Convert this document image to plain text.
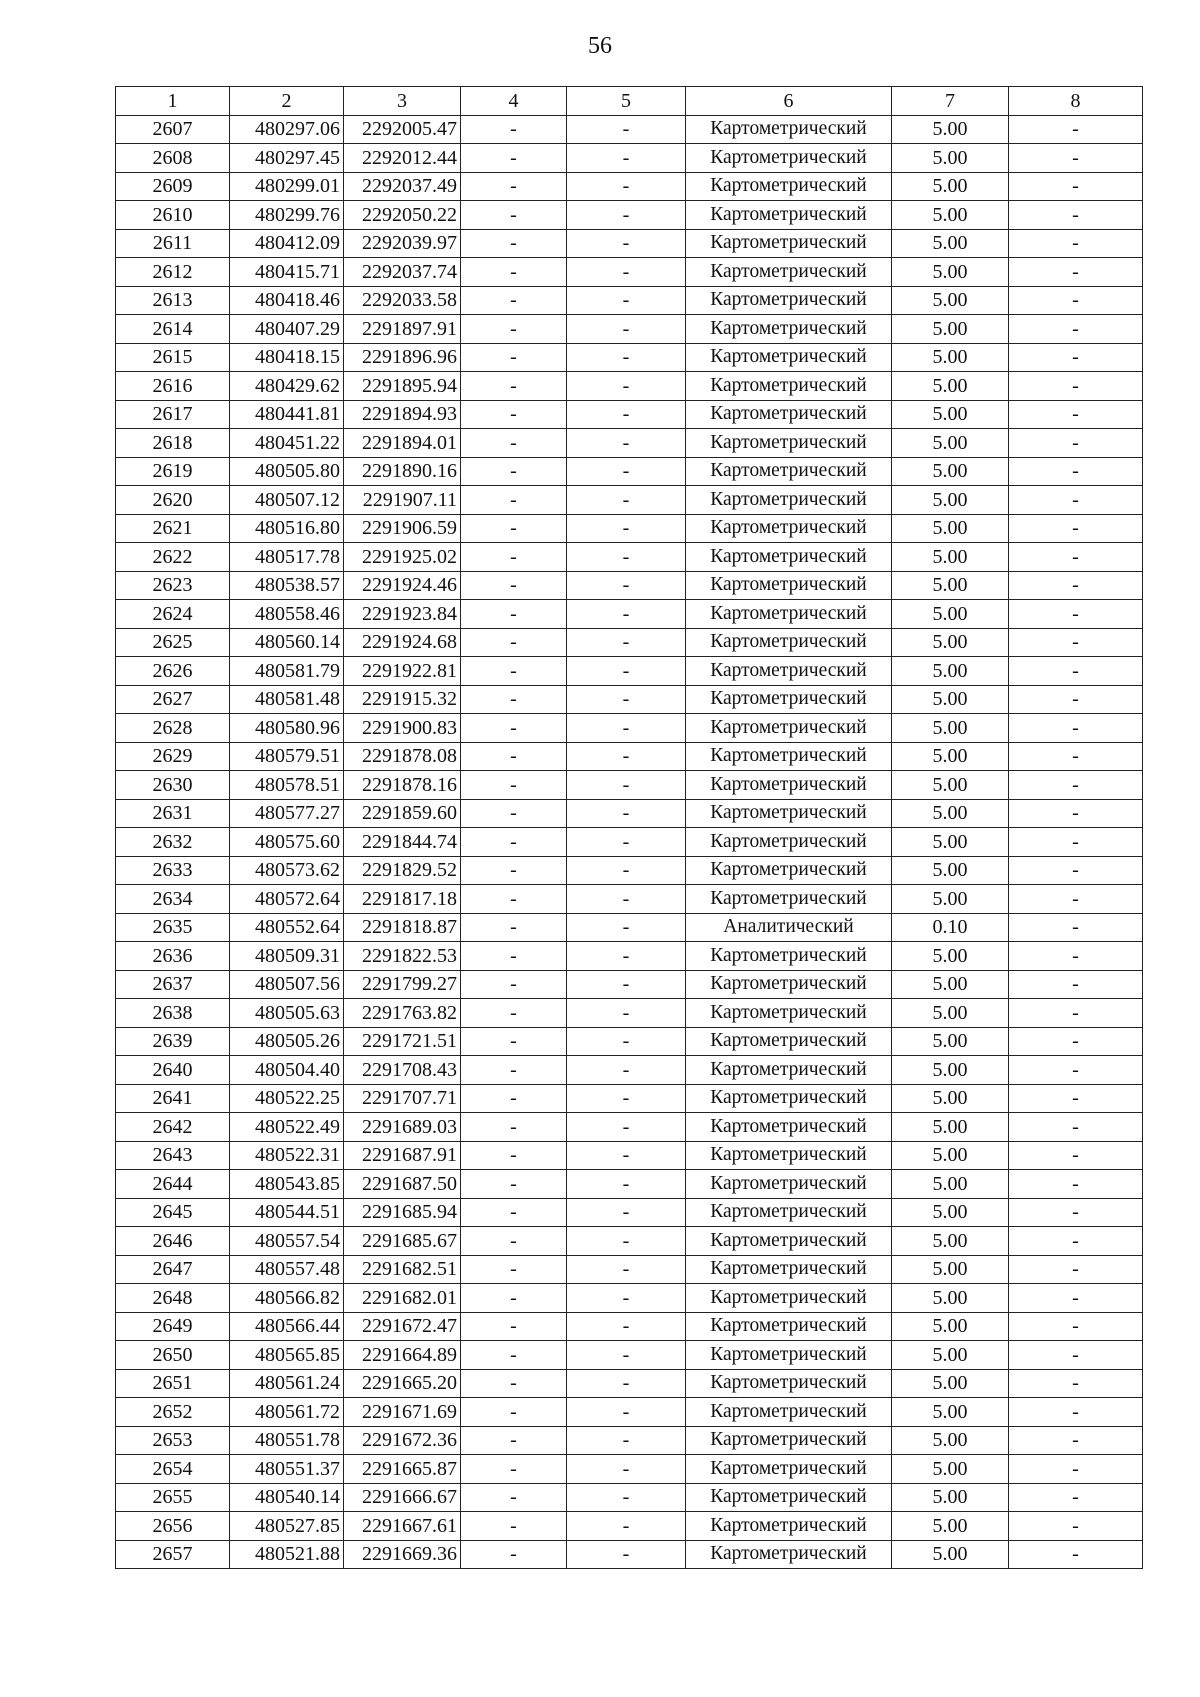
56
1	2	3	4	5	6	7	8
2607	480297.06	2292005.47	-	-	Картометрический	5.00	-
2608	480297.45	2292012.44	-	-	Картометрический	5.00	-
2609	480299.01	2292037.49	-	-	Картометрический	5.00	-
2610	480299.76	2292050.22	-	-	Картометрический	5.00	-
2611	480412.09	2292039.97	-	-	Картометрический	5.00	-
2612	480415.71	2292037.74	-	-	Картометрический	5.00	-
2613	480418.46	2292033.58	-	-	Картометрический	5.00	-
2614	480407.29	2291897.91	-	-	Картометрический	5.00	-
2615	480418.15	2291896.96	-	-	Картометрический	5.00	-
2616	480429.62	2291895.94	-	-	Картометрический	5.00	-
2617	480441.81	2291894.93	-	-	Картометрический	5.00	-
2618	480451.22	2291894.01	-	-	Картометрический	5.00	-
2619	480505.80	2291890.16	-	-	Картометрический	5.00	-
2620	480507.12	2291907.11	-	-	Картометрический	5.00	-
2621	480516.80	2291906.59	-	-	Картометрический	5.00	-
2622	480517.78	2291925.02	-	-	Картометрический	5.00	-
2623	480538.57	2291924.46	-	-	Картометрический	5.00	-
2624	480558.46	2291923.84	-	-	Картометрический	5.00	-
2625	480560.14	2291924.68	-	-	Картометрический	5.00	-
2626	480581.79	2291922.81	-	-	Картометрический	5.00	-
2627	480581.48	2291915.32	-	-	Картометрический	5.00	-
2628	480580.96	2291900.83	-	-	Картометрический	5.00	-
2629	480579.51	2291878.08	-	-	Картометрический	5.00	-
2630	480578.51	2291878.16	-	-	Картометрический	5.00	-
2631	480577.27	2291859.60	-	-	Картометрический	5.00	-
2632	480575.60	2291844.74	-	-	Картометрический	5.00	-
2633	480573.62	2291829.52	-	-	Картометрический	5.00	-
2634	480572.64	2291817.18	-	-	Картометрический	5.00	-
2635	480552.64	2291818.87	-	-	Аналитический	0.10	-
2636	480509.31	2291822.53	-	-	Картометрический	5.00	-
2637	480507.56	2291799.27	-	-	Картометрический	5.00	-
2638	480505.63	2291763.82	-	-	Картометрический	5.00	-
2639	480505.26	2291721.51	-	-	Картометрический	5.00	-
2640	480504.40	2291708.43	-	-	Картометрический	5.00	-
2641	480522.25	2291707.71	-	-	Картометрический	5.00	-
2642	480522.49	2291689.03	-	-	Картометрический	5.00	-
2643	480522.31	2291687.91	-	-	Картометрический	5.00	-
2644	480543.85	2291687.50	-	-	Картометрический	5.00	-
2645	480544.51	2291685.94	-	-	Картометрический	5.00	-
2646	480557.54	2291685.67	-	-	Картометрический	5.00	-
2647	480557.48	2291682.51	-	-	Картометрический	5.00	-
2648	480566.82	2291682.01	-	-	Картометрический	5.00	-
2649	480566.44	2291672.47	-	-	Картометрический	5.00	-
2650	480565.85	2291664.89	-	-	Картометрический	5.00	-
2651	480561.24	2291665.20	-	-	Картометрический	5.00	-
2652	480561.72	2291671.69	-	-	Картометрический	5.00	-
2653	480551.78	2291672.36	-	-	Картометрический	5.00	-
2654	480551.37	2291665.87	-	-	Картометрический	5.00	-
2655	480540.14	2291666.67	-	-	Картометрический	5.00	-
2656	480527.85	2291667.61	-	-	Картометрический	5.00	-
2657	480521.88	2291669.36	-	-	Картометрический	5.00	-
